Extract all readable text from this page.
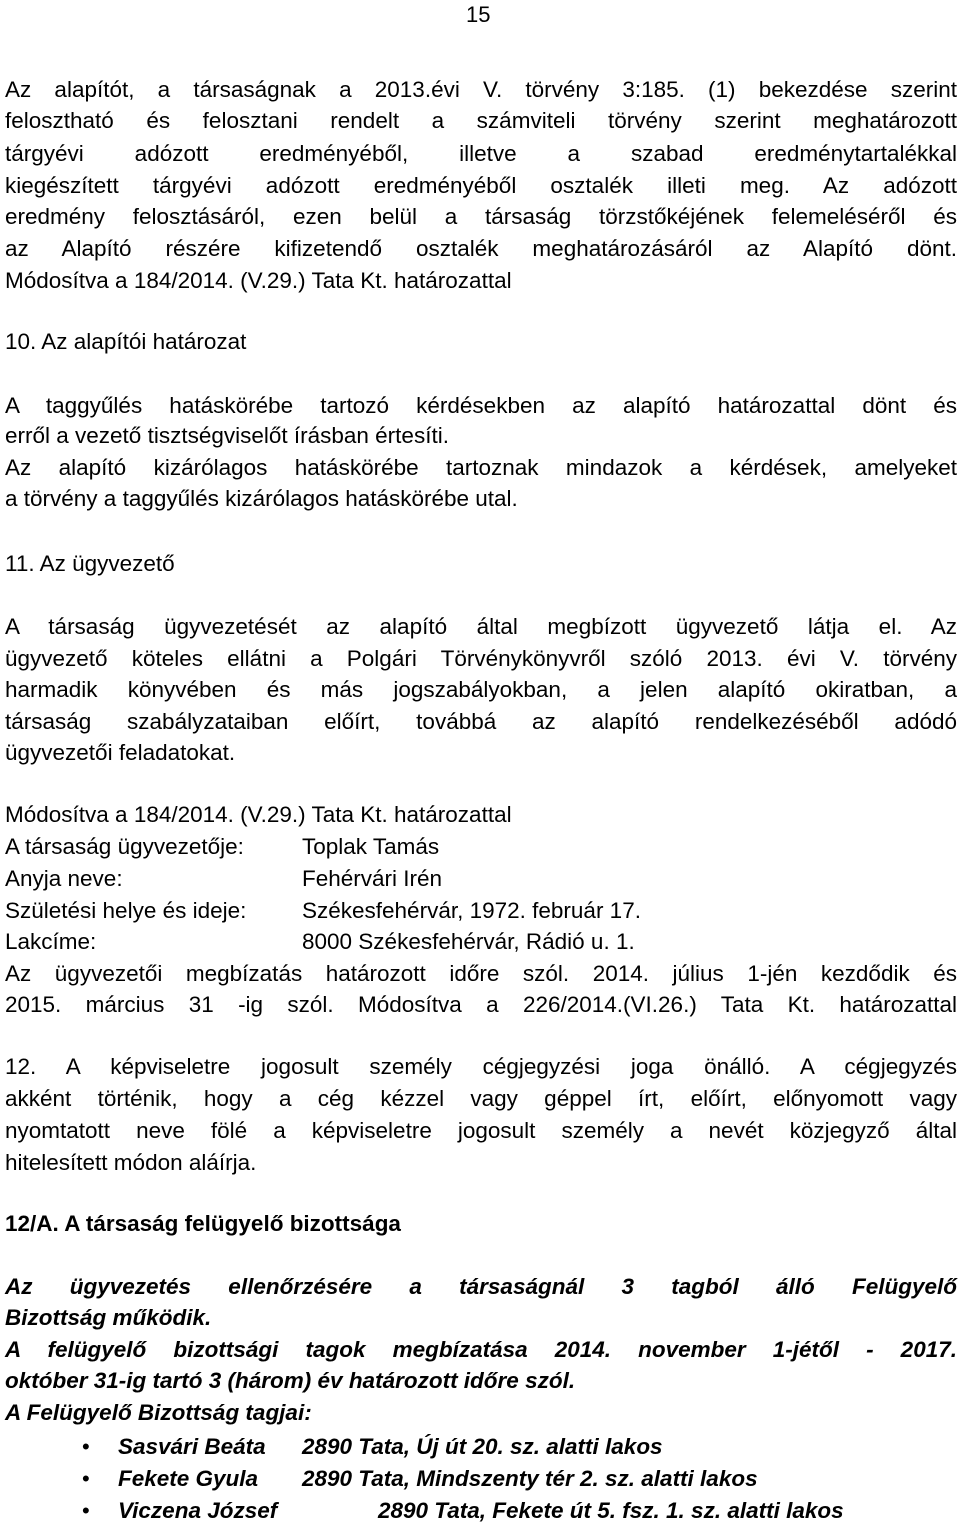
15
Az alapítót, a társaságnak a 2013.évi V. törvény 3:185. (1) bekezdése szerint
felosztható és felosztani rendelt a számviteli törvény szerint meghatározott
tárgyévi adózott eredményéből, illetve a szabad eredménytartalékkal
kiegészített tárgyévi adózott eredményéből osztalék illeti meg. Az adózott
eredmény felosztásáról, ezen belül a társaság törzstőkéjének felemeléséről és
az Alapító részére kifizetendő osztalék meghatározásáról az Alapító dönt.
Módosítva a 184/2014. (V.29.) Tata Kt. határozattal
10. Az alapítói határozat
A taggyűlés hatáskörébe tartozó kérdésekben az alapító határozattal dönt és
erről a vezető tisztségviselőt írásban értesíti.
Az alapító kizárólagos hatáskörébe tartoznak mindazok a kérdések, amelyeket
a törvény a taggyűlés kizárólagos hatáskörébe utal.
11. Az ügyvezető
A társaság ügyvezetését az alapító által megbízott ügyvezető látja el. Az
ügyvezető köteles ellátni a Polgári Törvénykönyvről szóló 2013. évi V. törvény
harmadik könyvében és más jogszabályokban, a jelen alapító okiratban, a
társaság szabályzataiban előírt, továbbá az alapító rendelkezéséből adódó
ügyvezetői feladatokat.
Módosítva a 184/2014. (V.29.) Tata Kt. határozattal
A társaság ügyvezetője:	Toplak Tamás
Anyja neve:	Fehérvári Irén
Születési helye és ideje: Székesfehérvár, 1972. február 17.
Lakcíme:	8000 Székesfehérvár, Rádió u. 1.
Az ügyvezetői megbízatás határozott időre szól. 2014. július 1-jén kezdődik és
2015. március 31 -ig szól. Módosítva a 226/2014.(VI.26.) Tata Kt. határozattal
12. A képviseletre jogosult személy cégjegyzési joga önálló. A cégjegyzés
akként történik, hogy a cég kézzel vagy géppel írt, előírt, előnyomott vagy
nyomtatott neve fölé a képviseletre jogosult személy a nevét közjegyző által
hitelesített módon aláírja.
12/A. A társaság felügyelő bizottsága
Az ügyvezetés ellenőrzésére a társaságnál 3 tagból álló Felügyelő
Bizottság működik.
A felügyelő bizottsági tagok megbízatása 2014. november 1-jétől - 2017.
október 31-ig tartó 3 (három) év határozott időre szól.
A Felügyelő Bizottság tagjai:
• Sasvári Beáta 2890 Tata, Új út 20. sz. alatti lakos
• Fekete Gyula 2890 Tata, Mindszenty tér 2. sz. alatti lakos
• Viczena József	2890 Tata, Fekete út 5. fsz. 1. sz. alatti lakos
